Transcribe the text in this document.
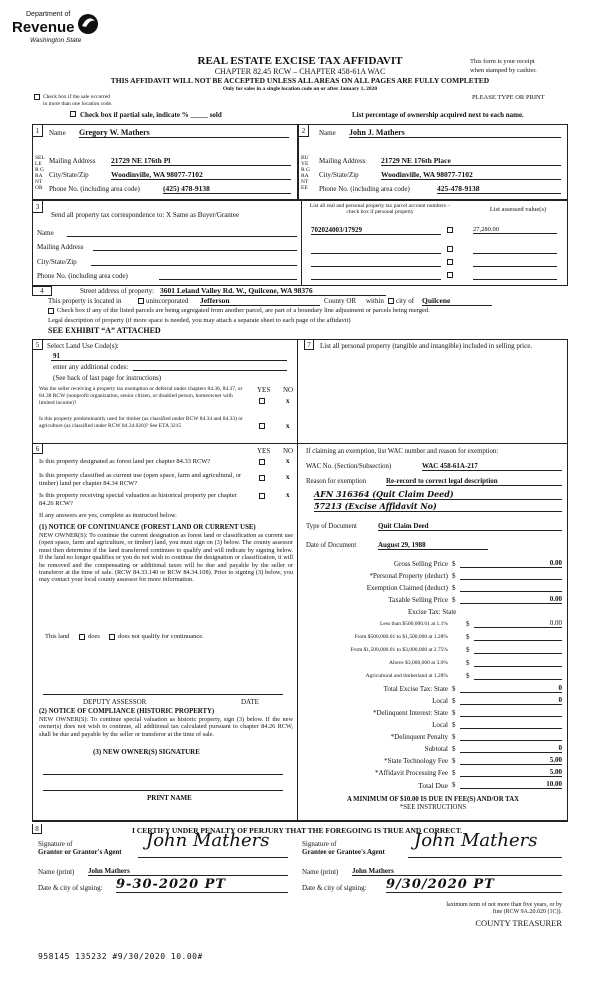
Department of
Revenue
Washington State
REAL ESTATE EXCISE TAX AFFIDAVIT
CHAPTER 82.45 RCW – CHAPTER 458-61A WAC
THIS AFFIDAVIT WILL NOT BE ACCEPTED UNLESS ALL AREAS ON ALL PAGES ARE FULLY COMPLETED
Only for sales in a single location code on or after January 1, 2020
This form is your receipt
when stamped by cashier.
PLEASE TYPE OR PRINT
Check box if the sale occurred
in more than one location code.
Check box if partial sale, indicate % _____ sold	List percentage of ownership acquired next to each name.
1
SELLER GRANTOR
Name Gregory W. Mathers
Mailing Address 21729 NE 176th Pl
City/State/Zip	Woodinville, WA 98077-7102
Phone No. (including area code)	(425) 478-9138
2
BUYER GRANTEE
Name John J. Mathers
Mailing Address 21729 NE 176th Place
City/State/Zip	Woodinville, WA 98077-7102
Phone No. (including area code)	425-478-9138
3
Send all property tax correspondence to: X Same as Buyer/Grantee
Name
Mailing Address
City/State/Zip
Phone No. (including area code)
List all real and personal property tax parcel account numbers – check box if personal property	List assessed value(s)
702024003/17929	27,280.00
4	Street address of property: 3601 Leland Valley Rd. W., Quilcene, WA 98376
This property is located in	unincorporated Jefferson	County OR within city of Quilcene
Check box if any of the listed parcels are being segregated from another parcel, are part of a boundary line adjustment or parcels being merged.
Legal description of property (if more space is needed, you may attach a separate sheet to each page of the affidavit)
SEE EXHIBIT “A” ATTACHED
5	Select Land Use Code(s):
91
enter any additional codes:
(See back of last page for instructions)
YES NO
Was the seller receiving a property tax exemption or deferral under chapters 84.36, 84.37, or 84.38 RCW (nonprofit organization, senior citizen, or disabled person, homeowner with limited income)?	x
Is this property predominantly used for timber (as classified under RCW 84.34 and 84.33) or agriculture (as classified under RCW 84.34.020)? See ETA 3215	x
7	List all personal property (tangible and intangible) included in selling price.
6	YES NO
Is this property designated as forest land per chapter 84.33 RCW?	x
Is this property classified as current use (open space, farm and agricultural, or timber) land per chapter 84.34 RCW?
x
Is this property receiving special valuation as historical property per chapter 84.26 RCW?
x
If any answers are yes, complete as instructed below.
(1) NOTICE OF CONTINUANCE (FOREST LAND OR CURRENT USE)
NEW OWNER(S): To continue the current designation as forest land or classification as current use (open space, farm and agriculture, or timber) land, you must sign on (3) below. The county assessor must then determine if the land transferred continues to qualify and will indicate by signing below. If the land no longer qualifies or you do not wish to continue the designation or classification, it will be removed and the compensating or additional taxes will be due and payable by the seller or transferor at the time of sale. (RCW 84.33.140 or RCW 84.34.108). Prior to signing (3) below, you may contact your local county assessor for more information.
This land	does	does not qualify for continuance.
DEPUTY ASSESSOR	DATE
(2) NOTICE OF COMPLIANCE (HISTORIC PROPERTY)
NEW OWNER(S): To continue special valuation as historic property, sign (3) below. If the new owner(s) does not wish to continue, all additional tax calculated pursuant to chapter 84.26 RCW, shall be due and payable by the seller or transferor at the time of sale.
(3) NEW OWNER(S) SIGNATURE
PRINT NAME
If claiming an exemption, list WAC number and reason for exemption:
WAC No. (Section/Subsection)	WAC 458-61A-217
Reason for exemption	Re-record to correct legal description
AFN 316364 (Quit Claim Deed)
57213 (Excise Affidavit No)
Type of Document	Quit Claim Deed
Date of Document	August 29, 1988
Gross Selling Price $	0.00
*Personal Property (deduct) $
Exemption Claimed (deduct) $
Taxable Selling Price $	0.00
Excise Tax: State
Less than $500,000.01 at 1.1%	$	0.00
From $500,000.01 to $1,500,000 at 1.28%	$
From $1,500,000.01 to $3,000,000 at 2.75%	$
Above $3,000,000 at 3.0%	$
Agricultural and timberland at 1.28%	$
Total Excise Tax: State $	0
Local $	0
*Delinquent Interest: State $
Local $
*Delinquent Penalty $
Subtotal $	0
*State Technology Fee $	5.00
*Affidavit Processing Fee $	5.00
Total Due $	10.00
A MINIMUM OF $10.00 IS DUE IN FEE(S) AND/OR TAX
*SEE INSTRUCTIONS
8	I CERTIFY UNDER PENALTY OF PERJURY THAT THE FOREGOING IS TRUE AND CORRECT.
Signature of
Grantor or Grantor's Agent
John Mathers
Name (print) John Mathers
Date & city of signing: 9-30-2020 PT
Signature of
Grantee or Grantee's Agent
John Mathers
Name (print) John Mathers
Date & city of signing: 9/30/2020 PT
laximum term of not more than five years, or by
fine (RCW 9A.20.020 (1C)).
COUNTY TREASURER
958145 135232 #9/30/2020 10.00#
